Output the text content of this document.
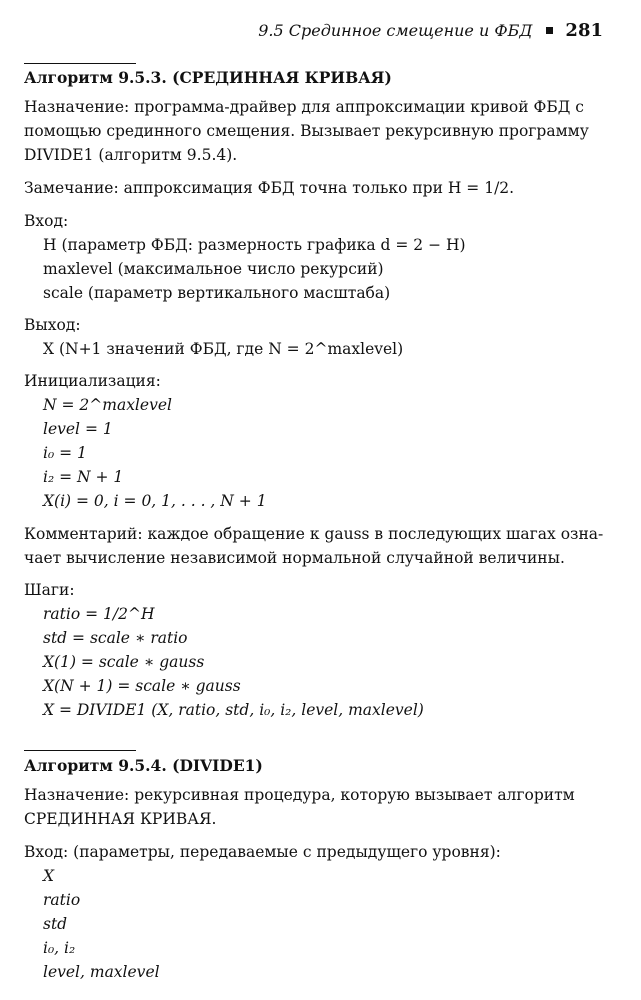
9.5 Срединное смещение и ФБД 281
Алгоритм 9.5.3. (СРЕДИННАЯ КРИВАЯ)
Назначение: программа-драйвер для аппроксимации кривой ФБД с
помощью срединного смещения. Вызывает рекурсивную программу
DIVIDE1 (алгоритм 9.5.4).
Замечание: аппроксимация ФБД точна только при H = 1/2.
Вход:
H (параметр ФБД: размерность графика d = 2 − H)
maxlevel (максимальное число рекурсий)
scale (параметр вертикального масштаба)
Выход:
X (N+1 значений ФБД, где N = 2^maxlevel)
Инициализация:
N = 2^maxlevel
level = 1
i₀ = 1
i₂ = N + 1
X(i) = 0, i = 0, 1, . . . , N + 1
Комментарий: каждое обращение к gauss в последующих шагах озна-
чает вычисление независимой нормальной случайной величины.
Шаги:
ratio = 1/2^H
std = scale ∗ ratio
X(1) = scale ∗ gauss
X(N + 1) = scale ∗ gauss
X = DIVIDE1 (X, ratio, std, i₀, i₂, level, maxlevel)
Алгоритм 9.5.4. (DIVIDE1)
Назначение: рекурсивная процедура, которую вызывает алгоритм
СРЕДИННАЯ КРИВАЯ.
Вход: (параметры, передаваемые с предыдущего уровня):
X
ratio
std
i₀, i₂
level, maxlevel
